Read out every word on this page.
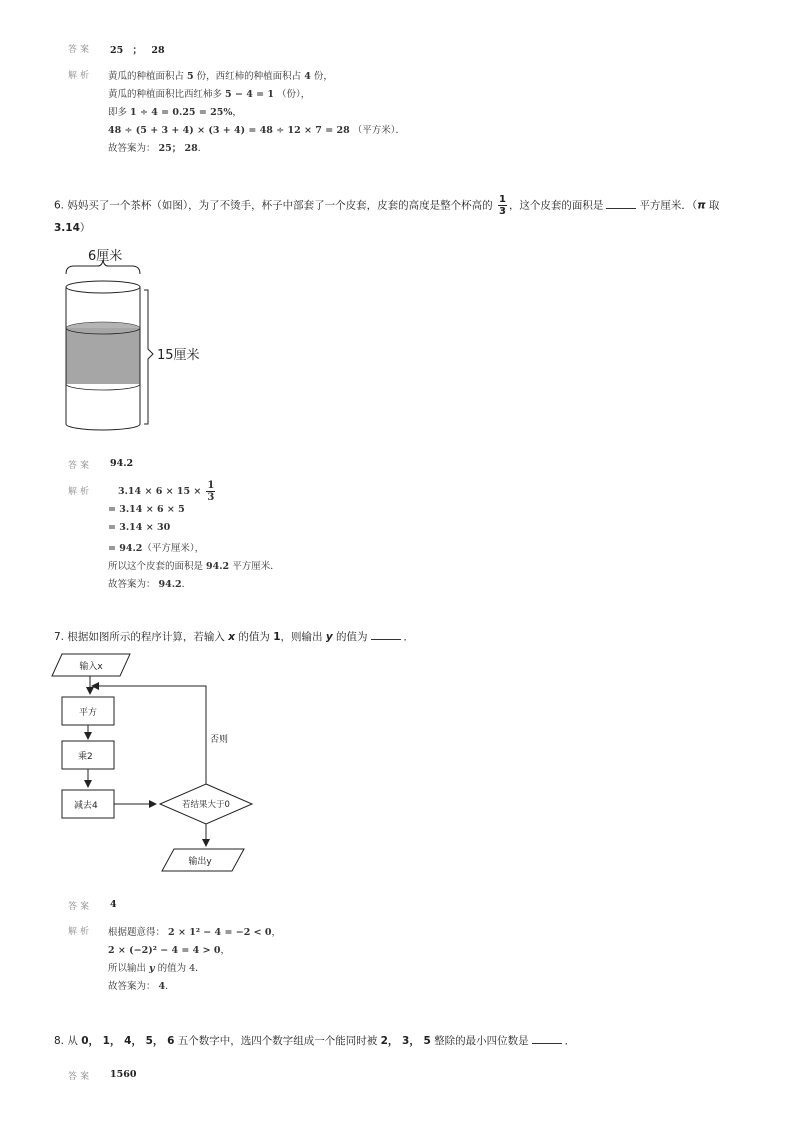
答案 25 ； 28
解析 黄瓜的种植面积占 5 份，西红柿的种植面积占 4 份，
黄瓜的种植面积比西红柿多 5 − 4 = 1 （份），
即多 1 ÷ 4 = 0.25 = 25%，
48 ÷ (5 + 3 + 4) × (3 + 4) = 48 ÷ 12 × 7 = 28 （平方米）．
故答案为： 25； 28．
6. 妈妈买了一个茶杯（如图），为了不烫手，杯子中部套了一个皮套，皮套的高度是整个杯高的 $\frac{1}{3}$ ，这个皮套的面积是	平方厘米．（π 取
3.14）
6厘米
15厘米
答案 94.2
解析	$3.14 \times 6 \times 15 \times \frac{1}{3}$
= 3.14 × 6 × 5
= 3.14 × 30
= 94.2（平方厘米），
所以这个皮套的面积是 94.2 平方厘米．
故答案为： 94.2．
7. 根据如图所示的程序计算，若输入 x 的值为 1，则输出 y 的值为	．
输入x
平方
乘2
减去4	若结果大于0
否则
输出y
答案 4
解析 根据题意得： 2 × 1² − 4 = −2 < 0，
2 × (−2)² − 4 = 4 > 0，
所以输出 y 的值为 4．
故答案为： 4．
8. 从 0， 1， 4， 5， 6 五个数字中，选四个数字组成一个能同时被 2， 3， 5 整除的最小四位数是	．
答案 1560
